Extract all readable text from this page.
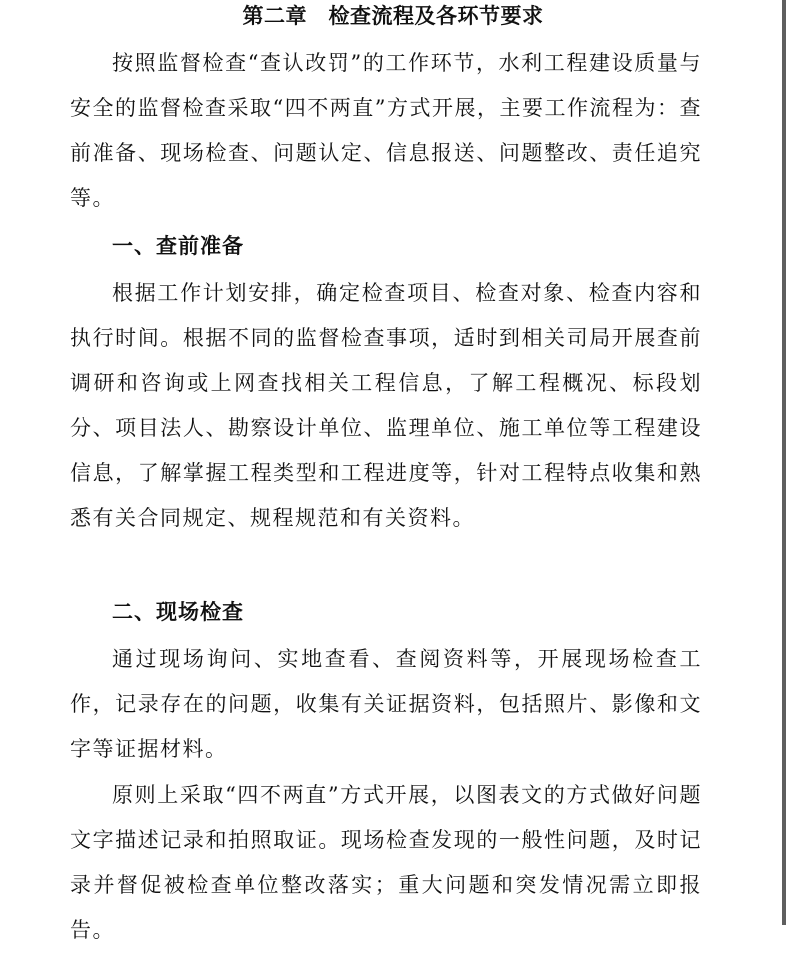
第二章　检查流程及各环节要求

按照监督检查“查认改罚”的工作环节，水利工程建设质量与安全的监督检查采取“四不两直”方式开展，主要工作流程为：查前准备、现场检查、问题认定、信息报送、问题整改、责任追究等。

一、查前准备

根据工作计划安排，确定检查项目、检查对象、检查内容和执行时间。根据不同的监督检查事项，适时到相关司局开展查前调研和咨询或上网查找相关工程信息，了解工程概况、标段划分、项目法人、勘察设计单位、监理单位、施工单位等工程建设信息，了解掌握工程类型和工程进度等，针对工程特点收集和熟悉有关合同规定、规程规范和有关资料。

二、现场检查

通过现场询问、实地查看、查阅资料等，开展现场检查工作，记录存在的问题，收集有关证据资料，包括照片、影像和文字等证据材料。

原则上采取“四不两直”方式开展，以图表文的方式做好问题文字描述记录和拍照取证。现场检查发现的一般性问题，及时记录并督促被检查单位整改落实；重大问题和突发情况需立即报告。
